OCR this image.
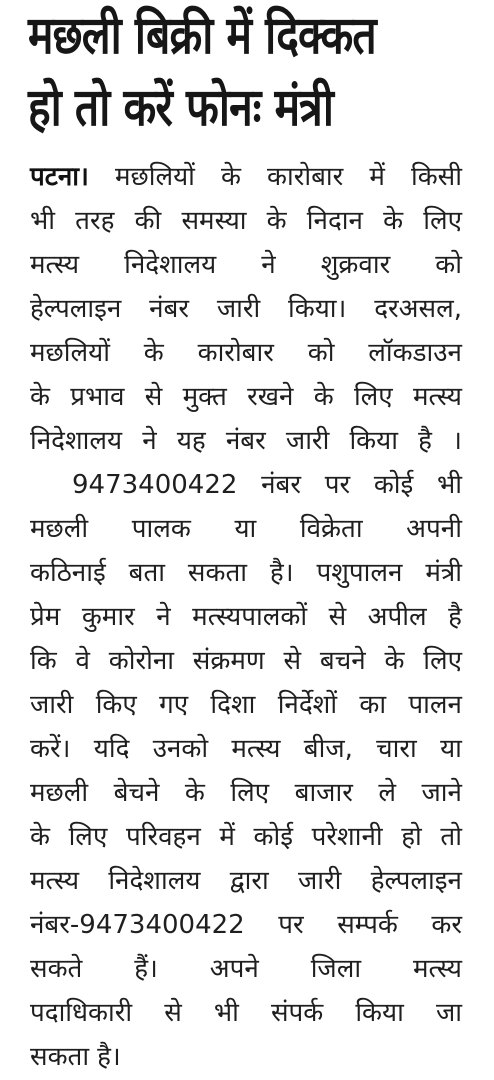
मछली बिक्री में दिक्कत
हो तो करें फोनः मंत्री
पटना। मछलियों के कारोबार में किसी
भी तरह की समस्या के निदान के लिए
मत्स्य निदेशालय ने शुक्रवार को
हेल्पलाइन नंबर जारी किया। दरअसल,
मछलियों के कारोबार को लॉकडाउन
के प्रभाव से मुक्त रखने के लिए मत्स्य
निदेशालय ने यह नंबर जारी किया है ।
9473400422 नंबर पर कोई भी
मछली पालक या विक्रेता अपनी
कठिनाई बता सकता है। पशुपालन मंत्री
प्रेम कुमार ने मत्स्यपालकों से अपील है
कि वे कोरोना संक्रमण से बचने के लिए
जारी किए गए दिशा निर्देशों का पालन
करें। यदि उनको मत्स्य बीज, चारा या
मछली बेचने के लिए बाजार ले जाने
के लिए परिवहन में कोई परेशानी हो तो
मत्स्य निदेशालय द्वारा जारी हेल्पलाइन
नंबर-9473400422 पर सम्पर्क कर
सकते हैं। अपने जिला मत्स्य
पदाधिकारी से भी संपर्क किया जा
सकता है।
